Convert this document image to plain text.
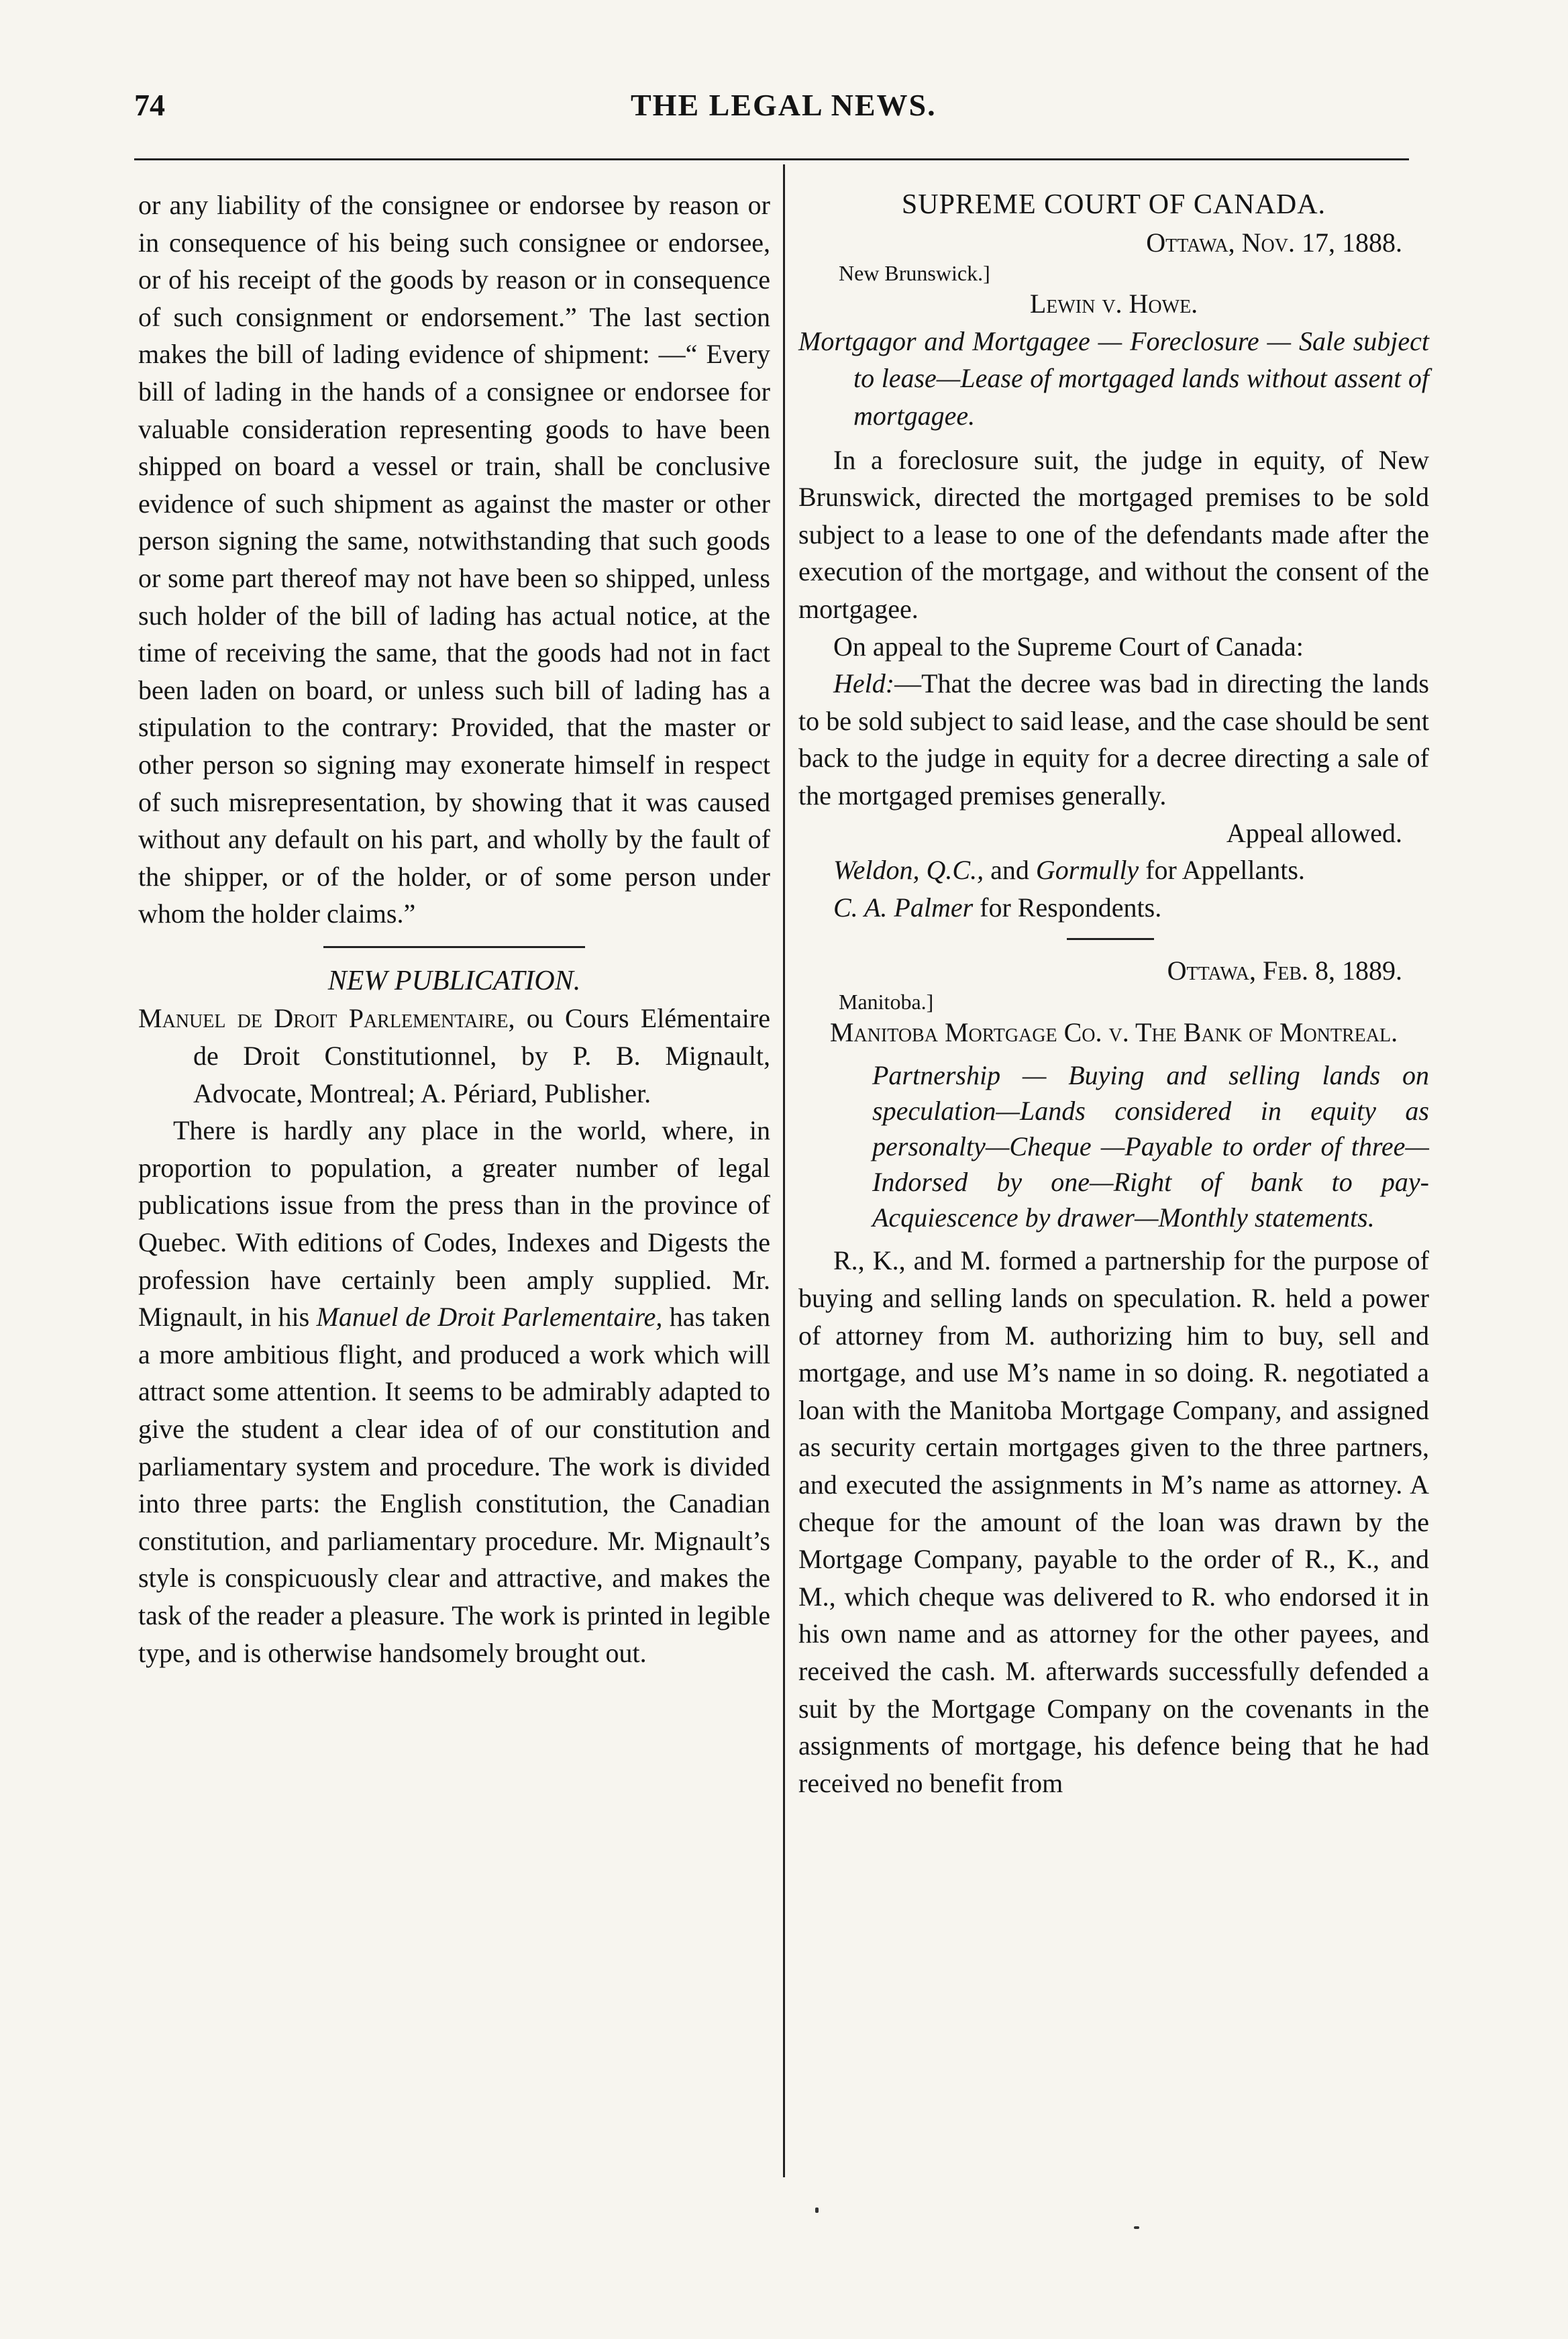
74	THE LEGAL NEWS.

or any liability of the consignee or endorsee by reason or in consequence of his being such consignee or endorsee, or of his receipt of the goods by reason or in consequence of such consignment or endorsement.” The last section makes the bill of lading evidence of shipment: —“ Every bill of lading in the hands of a consignee or endorsee for valuable consideration representing goods to have been shipped on board a vessel or train, shall be conclusive evidence of such shipment as against the master or other person signing the same, notwithstanding that such goods or some part thereof may not have been so shipped, unless such holder of the bill of lading has actual notice, at the time of receiving the same, that the goods had not in fact been laden on board, or unless such bill of lading has a stipulation to the contrary: Provided, that the master or other person so signing may exonerate himself in respect of such misrepresentation, by showing that it was caused without any default on his part, and wholly by the fault of the shipper, or of the holder, or of some person under whom the holder claims.”

NEW PUBLICATION.

Manuel de Droit Parlementaire, ou Cours Elémentaire de Droit Constitutionnel, by P. B. Mignault, Advocate, Montreal; A. Périard, Publisher.

There is hardly any place in the world, where, in proportion to population, a greater number of legal publications issue from the press than in the province of Quebec. With editions of Codes, Indexes and Digests the profession have certainly been amply supplied. Mr. Mignault, in his Manuel de Droit Parlementaire, has taken a more ambitious flight, and produced a work which will attract some attention. It seems to be admirably adapted to give the student a clear idea of of our constitution and parliamentary system and procedure. The work is divided into three parts: the English constitution, the Canadian constitution, and parliamentary procedure. Mr. Mignault’s style is conspicuously clear and attractive, and makes the task of the reader a pleasure. The work is printed in legible type, and is otherwise handsomely brought out.

SUPREME COURT OF CANADA.

Ottawa, Nov. 17, 1888.

New Brunswick.]

Lewin v. Howe.

Mortgagor and Mortgagee — Foreclosure — Sale subject to lease—Lease of mortgaged lands without assent of mortgagee.

In a foreclosure suit, the judge in equity, of New Brunswick, directed the mortgaged premises to be sold subject to a lease to one of the defendants made after the execution of the mortgage, and without the consent of the mortgagee.

On appeal to the Supreme Court of Canada:

Held:—That the decree was bad in directing the lands to be sold subject to said lease, and the case should be sent back to the judge in equity for a decree directing a sale of the mortgaged premises generally.

Appeal allowed.

Weldon, Q.C., and Gormully for Appellants.

C. A. Palmer for Respondents.

Ottawa, Feb. 8, 1889.

Manitoba.]

Manitoba Mortgage Co. v. The Bank of Montreal.

Partnership — Buying and selling lands on speculation—Lands considered in equity as personalty—Cheque —Payable to order of three—Indorsed by one—Right of bank to pay-Acquiescence by drawer—Monthly statements.

R., K., and M. formed a partnership for the purpose of buying and selling lands on speculation. R. held a power of attorney from M. authorizing him to buy, sell and mortgage, and use M’s name in so doing. R. negotiated a loan with the Manitoba Mortgage Company, and assigned as security certain mortgages given to the three partners, and executed the assignments in M’s name as attorney. A cheque for the amount of the loan was drawn by the Mortgage Company, payable to the order of R., K., and M., which cheque was delivered to R. who endorsed it in his own name and as attorney for the other payees, and received the cash. M. afterwards successfully defended a suit by the Mortgage Company on the covenants in the assignments of mortgage, his defence being that he had received no benefit from
